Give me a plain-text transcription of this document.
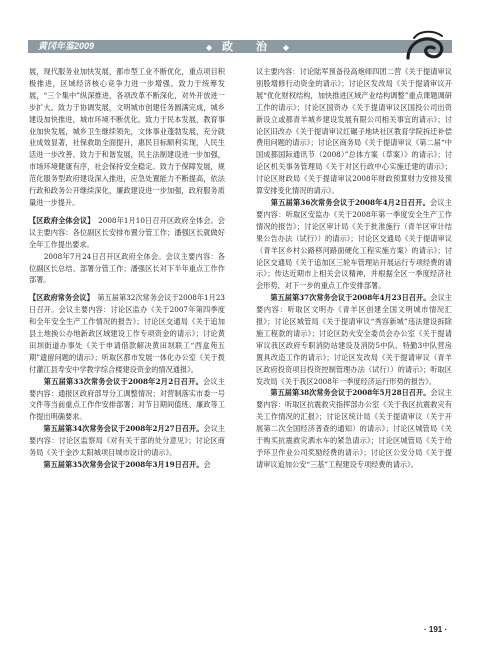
黄冈年鉴2009	◆ 政　治 ◆

展，现代服务业加快发展，都市型工业不断优化，重点项目积极推进，区域经济核心竞争力进一步增强。致力于统筹发展，“三个集中”纵深推进，各项改革不断深化，对外开放进一步扩大。致力于协调发展，文明城市创建任务圆满完成，城乡建设加快推进，城市环境不断优化。致力于民本发展，教育事业加快发展，城乡卫生继续领先，文体事业蓬勃发展，充分就业成效显著，社保救助全面提升，惠民目标顺利实现，人民生活进一步改善。致力于和谐发展，民主法制建设进一步加强，市场环境健康有序，社会保持安全稳定。致力于保障发展，规范化服务型政府建设深入推进，应急处置能力不断提高，依法行政和政务公开继续深化，廉政建设进一步加强，政府服务质量进一步提升。

【区政府全体会议】　2008年1月10日召开区政府全体会。会议主要内容：各位副区长安排布置分管工作；潘强区长就做好全年工作提出要求。

　　2008年7月24日召开区政府全体会。会议主要内容：各位副区长总结、部署分管工作；潘强区长对下半年重点工作作部署。

【区政府常务会议】　第五届第32次常务会议于2008年1月23日召开。会议主要内容：讨论区监办《关于2007年第四季度和全年安全生产工作情况的报告》；讨论区交通局《关于追加县土地换公办地新政区域建设工作专项资金的请示》；讨论黄田坝街道办事处《关于申请借款解决黄田坝联工“西盒苑五期”遗留问题的请示》；听取区都市发展一体化办公室《关于拨付灌江县寿安中学教学综合楼建设资金的情况通报》。

　　第五届第33次常务会议于2008年2月2日召开。会议主要内容：通报区政府部导分工调整情况；对营制落实市委一号文件等当前重点工作作安排部署；对节日期间值班、廉政等工作提出明确要求。

　　第五届第34次常务会议于2008年2月27日召开。会议主要内容：讨论区监察局《对有关干部的处分意见》；讨论区商务局《关于金沙太阳城项目城市设计的请示》。

　　第五届第35次常务会议于2008年3月19日召开。会

议主要内容：讨论陆军预备役高炮师四团二营《关于提请审议别股增修行动资金的请示》；讨论区发改局《关于提请审议开展“优化财权结构，加快推进区域产业结构调整”重点课题调研工作的请示》；讨论区国资办《关于提请审议区国投公司出资新设立或都青羊城乡建设发展有限公司相关事宜的请示》；讨论区旧改办《关于提请审议红碾子地块社区教育学院拆迁补偿费用问题的请示》；讨论区商务局《关于提请审议《第二届“中国成都国际通讯节（2008）”总体方案（草案）》的请示》；讨论区机关事务管理局《关于对区行政中心实施迁建的请示》；讨论区财政局《关于提请审议2008年财政预算财力安排及预算安排变化情况的请示》。

　　第五届第36次常务会议于2008年4月2日召开。会议主要内容：听取区安监办《关于2008年第一季度安全生产工作情况的报告》；讨论区审计局《关于批准施行（青羊区审计结果公告办法（试行））的请示》；讨论区交通局《关于提请审议（青羊区乡村公路移河路面硬化工程实施方案）的请示》；讨论区交通局《关于追加区三轮车管理站开展运行专项经费的请示》；传达近期市上相关会议精神，并根据全区一季度经济社会形势，对下一步的重点工作安排部署。

　　第五届第37次常务会议于2008年4月23日召开。会议主要内容：听取区文明办《青羊区创建全国文明城市情况汇报》；讨论区城管局《关于提请审议“秀容新城”违法建设拆除施工程款的请示》；讨论区防火安全委员会办公室《关于提请审议我区政府专职消防站建设及消防5中队、特勤3中队营房置具改造工作的请示》；讨论区发改局《关于提请审议（青羊区政府投资项目投资控制管理办法（试行））的请示》；听取区发改局《关于我区2008年一季度经济运行形势的报告》。

　　第五届第38次常务会议于2008年5月28日召开。会议主要内容：听取区抗震救灾指挥部办公室《关于我区抗震救灾有关工作情况的汇报》；讨论区统计局《关于提请审议（关于开展第二次全国经济普查的通知）的请示》；讨论区城管局《关于购买抗震救灾洒水车的紧急请示》；讨论区城管局《关于给予环卫作业公司奖励经费的请示》；讨论区公安分局《关于提请审议追加公安“三基”工程建设专项经费的请示》。

· 191 ·
